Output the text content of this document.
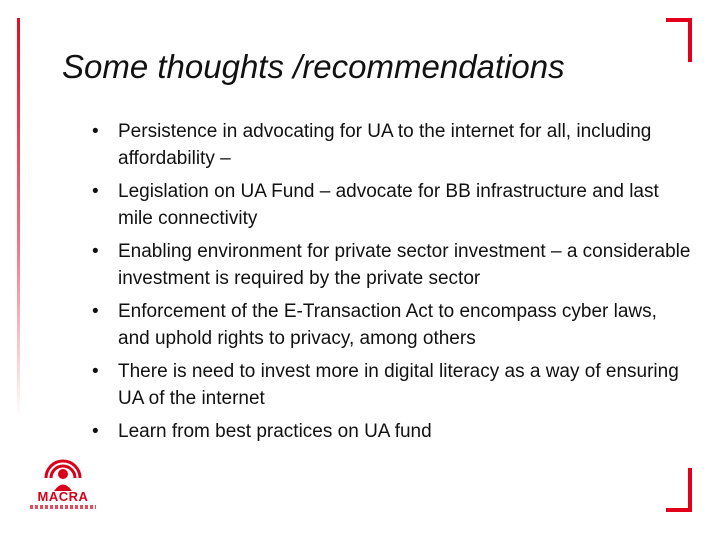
Some thoughts /recommendations
• Persistence in advocating for UA to the internet for all, including affordability –
• Legislation on UA Fund – advocate for BB infrastructure and last mile connectivity
• Enabling environment for private sector investment – a considerable investment is required by the private sector
• Enforcement of the E-Transaction Act to encompass cyber laws, and uphold rights to privacy, among others
• There is need to invest more in digital literacy as a way of ensuring UA of the internet
• Learn from best practices on UA fund
MACRA
